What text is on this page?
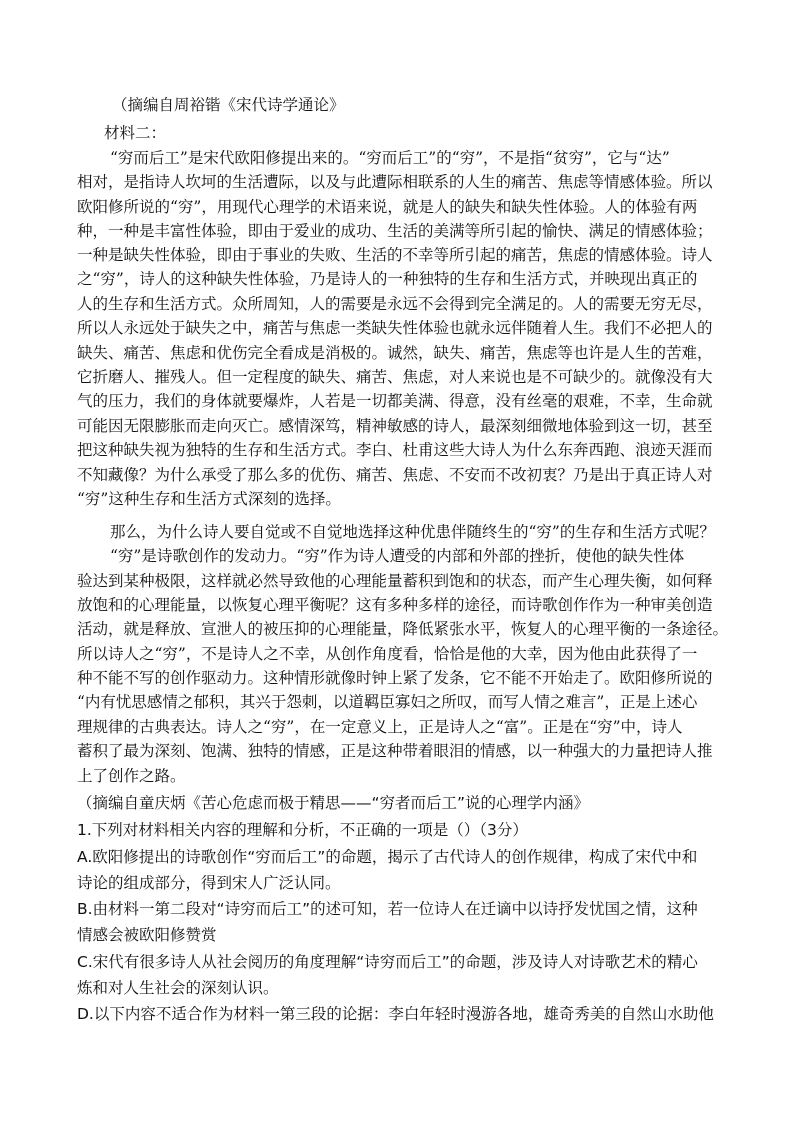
（摘编自周裕锴《宋代诗学通论》
材料二：
“穷而后工”是宋代欧阳修提出来的。“穷而后工”的“穷”，不是指“贫穷”，它与“达”
相对，是指诗人坎坷的生活遭际，以及与此遭际相联系的人生的痛苦、焦虑等情感体验。所以
欧阳修所说的“穷”，用现代心理学的术语来说，就是人的缺失和缺失性体验。人的体验有两
种，一种是丰富性体验，即由于爱业的成功、生活的美满等所引起的愉快、满足的情感体验；
一种是缺失性体验，即由于事业的失败、生活的不幸等所引起的痛苦，焦虑的情感体验。诗人
之“穷”，诗人的这种缺失性体验，乃是诗人的一种独特的生存和生活方式，并映现出真正的
人的生存和生活方式。众所周知，人的需要是永远不会得到完全满足的。人的需要无穷无尽，
所以人永远处于缺失之中，痛苦与焦虑一类缺失性体验也就永远伴随着人生。我们不必把人的
缺失、痛苦、焦虑和优伤完全看成是消极的。诚然，缺失、痛苦，焦虑等也许是人生的苦难，
它折磨人、摧残人。但一定程度的缺失、痛苦、焦虑，对人来说也是不可缺少的。就像没有大
气的压力，我们的身体就要爆炸，人若是一切都美满、得意，没有丝毫的艰难，不幸，生命就
可能因无限膨胀而走向灭亡。感情深笃，精神敏感的诗人，最深刻细微地体验到这一切，甚至
把这种缺失视为独特的生存和生活方式。李白、杜甫这些大诗人为什么东奔西跑、浪迹天涯而
不知藏像？为什么承受了那么多的优伤、痛苦、焦虑、不安而不改初衷？乃是出于真正诗人对
“穷”这种生存和生活方式深刻的选择。
那么，为什么诗人要自觉或不自觉地选择这种优患伴随终生的“穷”的生存和生活方式呢？
“穷”是诗歌创作的发动力。“穷”作为诗人遭受的内部和外部的挫折，使他的缺失性体
验达到某种极限，这样就必然导致他的心理能量蓄积到饱和的状态，而产生心理失衡，如何释
放饱和的心理能量，以恢复心理平衡呢？这有多种多样的途径，而诗歌创作作为一种审美创造
活动，就是释放、宣泄人的被压抑的心理能量，降低紧张水平，恢复人的心理平衡的一条途径。
所以诗人之“穷”，不是诗人之不幸，从创作角度看，恰恰是他的大幸，因为他由此获得了一
种不能不写的创作驱动力。这种情形就像时钟上紧了发条，它不能不开始走了。欧阳修所说的
“内有忧思感情之郁积，其兴于怨刺，以道羁臣寡妇之所叹，而写人情之难言”，正是上述心
理规律的古典表达。诗人之“穷”，在一定意义上，正是诗人之“富”。正是在“穷”中，诗人
蓄积了最为深刻、饱满、独特的情感，正是这种带着眼泪的情感，以一种强大的力量把诗人推
上了创作之路。
（摘编自童庆炳《苦心危虑而极于精思——“穷者而后工”说的心理学内涵》
1.下列对材料相关内容的理解和分析，不正确的一项是（）（3分）
A.欧阳修提出的诗歌创作“穷而后工”的命题，揭示了古代诗人的创作规律，构成了宋代中和
诗论的组成部分，得到宋人广泛认同。
B.由材料一第二段对“诗穷而后工”的述可知，若一位诗人在迁谪中以诗抒发忧国之情，这种
情感会被欧阳修赞赏
C.宋代有很多诗人从社会阅历的角度理解“诗穷而后工”的命题，涉及诗人对诗歌艺术的精心
炼和对人生社会的深刻认识。
D.以下内容不适合作为材料一第三段的论据：李白年轻时漫游各地，雄奇秀美的自然山水助他
